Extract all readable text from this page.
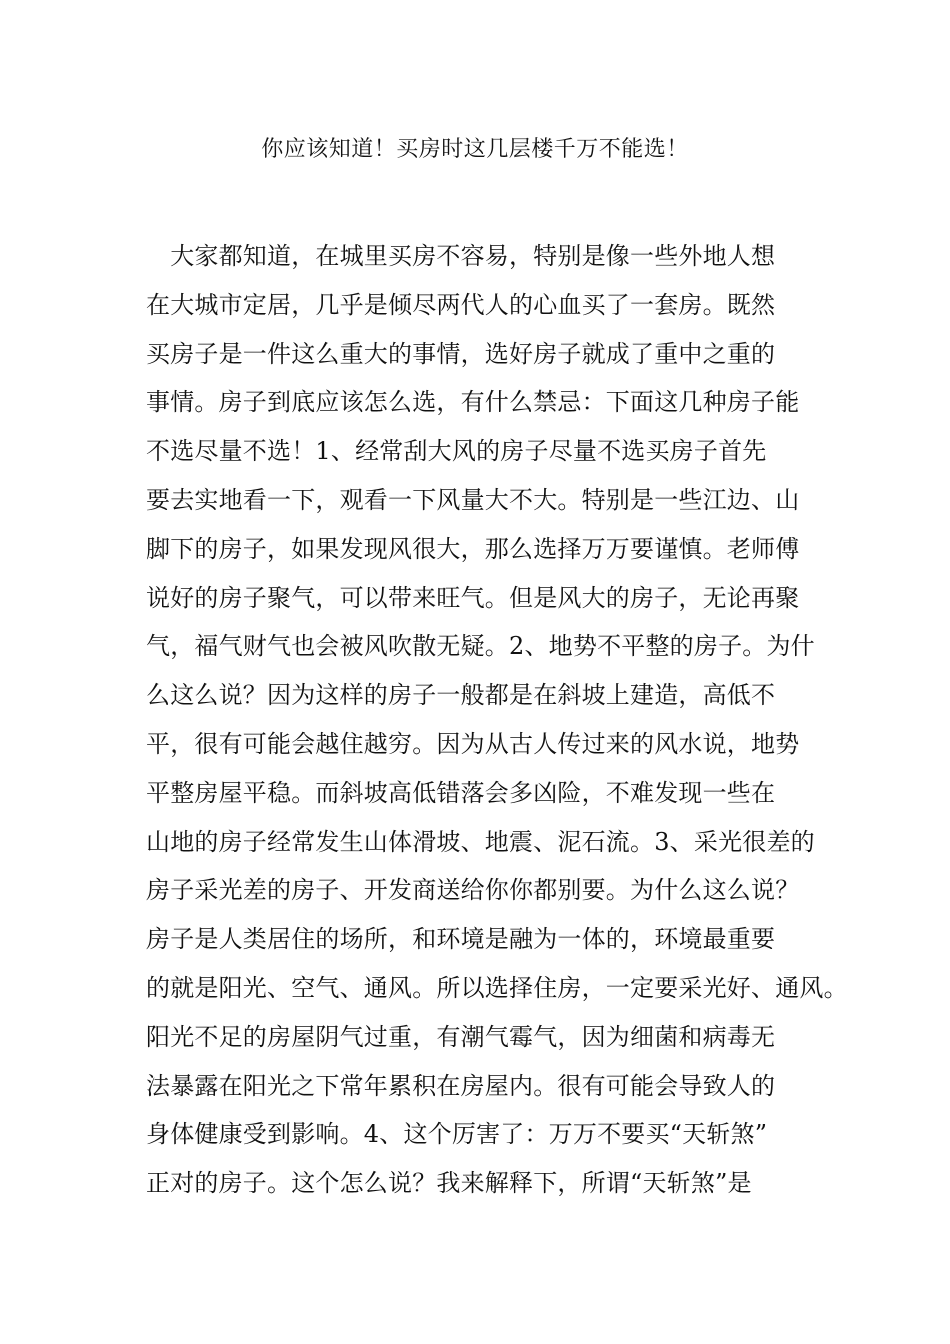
你应该知道！买房时这几层楼千万不能选！
　大家都知道，在城里买房不容易，特别是像一些外地人想
在大城市定居，几乎是倾尽两代人的心血买了一套房。既然
买房子是一件这么重大的事情，选好房子就成了重中之重的
事情。房子到底应该怎么选，有什么禁忌：下面这几种房子能
不选尽量不选！1、经常刮大风的房子尽量不选买房子首先
要去实地看一下，观看一下风量大不大。特别是一些江边、山
脚下的房子，如果发现风很大，那么选择万万要谨慎。老师傅
说好的房子聚气，可以带来旺气。但是风大的房子，无论再聚
气，福气财气也会被风吹散无疑。2、地势不平整的房子。为什
么这么说？因为这样的房子一般都是在斜坡上建造，高低不
平，很有可能会越住越穷。因为从古人传过来的风水说，地势
平整房屋平稳。而斜坡高低错落会多凶险，不难发现一些在
山地的房子经常发生山体滑坡、地震、泥石流。3、采光很差的
房子采光差的房子、开发商送给你你都别要。为什么这么说？
房子是人类居住的场所，和环境是融为一体的，环境最重要
的就是阳光、空气、通风。所以选择住房，一定要采光好、通风。
阳光不足的房屋阴气过重，有潮气霉气，因为细菌和病毒无
法暴露在阳光之下常年累积在房屋内。很有可能会导致人的
身体健康受到影响。4、这个厉害了：万万不要买“天斩煞”
正对的房子。这个怎么说？我来解释下，所谓“天斩煞”是
